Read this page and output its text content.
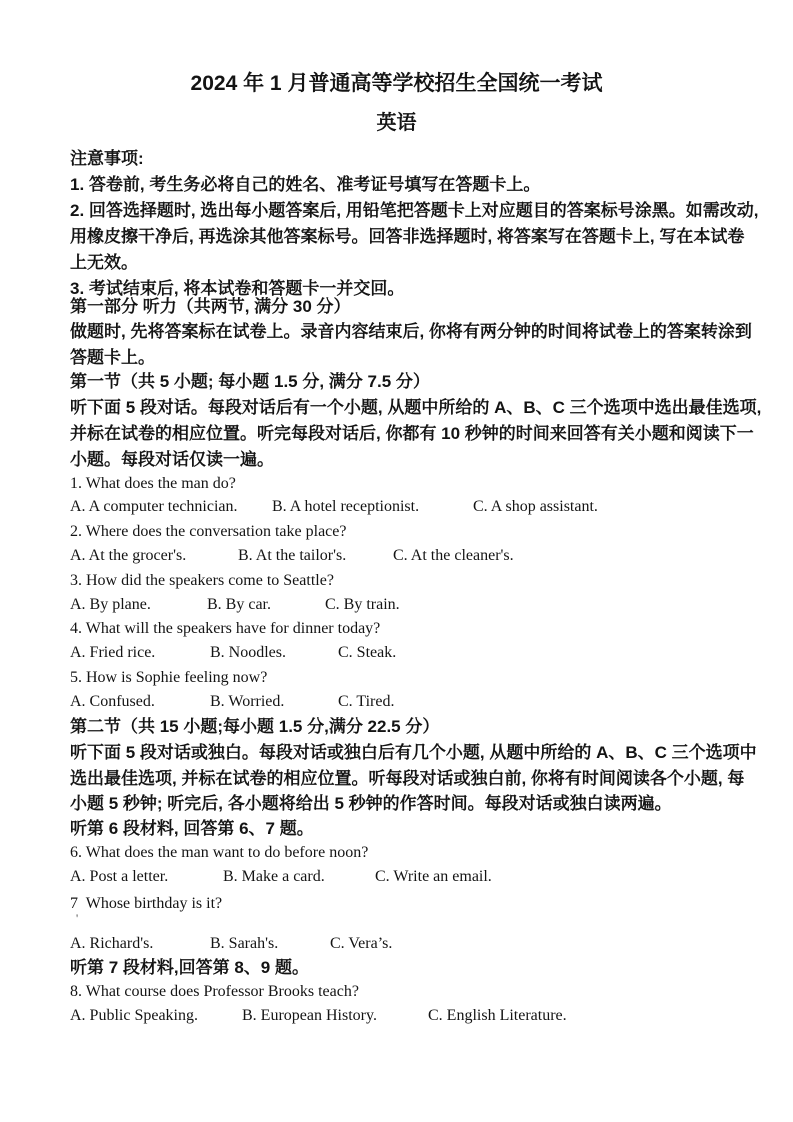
2024 年 1 月普通高等学校招生全国统一考试
英语
注意事项:
1. 答卷前, 考生务必将自己的姓名、准考证号填写在答题卡上。
2. 回答选择题时, 选出每小题答案后, 用铅笔把答题卡上对应题目的答案标号涂黑。如需改动,
用橡皮擦干净后, 再选涂其他答案标号。回答非选择题时, 将答案写在答题卡上, 写在本试卷
上无效。
3. 考试结束后, 将本试卷和答题卡一并交回。
第一部分 听力（共两节, 满分 30 分）
做题时, 先将答案标在试卷上。录音内容结束后, 你将有两分钟的时间将试卷上的答案转涂到
答题卡上。
第一节（共 5 小题; 每小题 1.5 分, 满分 7.5 分）
听下面 5 段对话。每段对话后有一个小题, 从题中所给的 A、B、C 三个选项中选出最佳选项,
并标在试卷的相应位置。听完每段对话后, 你都有 10 秒钟的时间来回答有关小题和阅读下一
小题。每段对话仅读一遍。
1. What does the man do?

A. A computer technician.

B. A hotel receptionist.

	C. A shop assistant.

2. Where does the conversation take place?

A. At the grocer's.

	B. At the tailor's.

	C. At the cleaner's.

3. How did the speakers come to Seattle?

A. By plane.

	B. By car.

	C. By train.

4. What will the speakers have for dinner today?

A. Fried rice.

	B. Noodles.

	C. Steak.

5. How is Sophie feeling now?

A. Confused.

	B. Worried.

	C. Tired.

第二节（共 15 小题;每小题 1.5 分,满分 22.5 分）
听下面 5 段对话或独白。每段对话或独白后有几个小题, 从题中所给的 A、B、C 三个选项中
选出最佳选项, 并标在试卷的相应位置。听每段对话或独白前, 你将有时间阅读各个小题, 每
小题 5 秒钟; 听完后, 各小题将给出 5 秒钟的作答时间。每段对话或独白读两遍。
听第 6 段材料, 回答第 6、7 题。
6. What does the man want to do before noon?

A. Post a letter.

	B. Make a card.

	C. Write an email.

7  Whose birthday is it?
'

A. Richard's.

	B. Sarah's.

	C. Vera’s.

听第 7 段材料,回答第 8、9 题。
8. What course does Professor Brooks teach?

A. Public Speaking.

	B. European History.

	C. English Literature.
